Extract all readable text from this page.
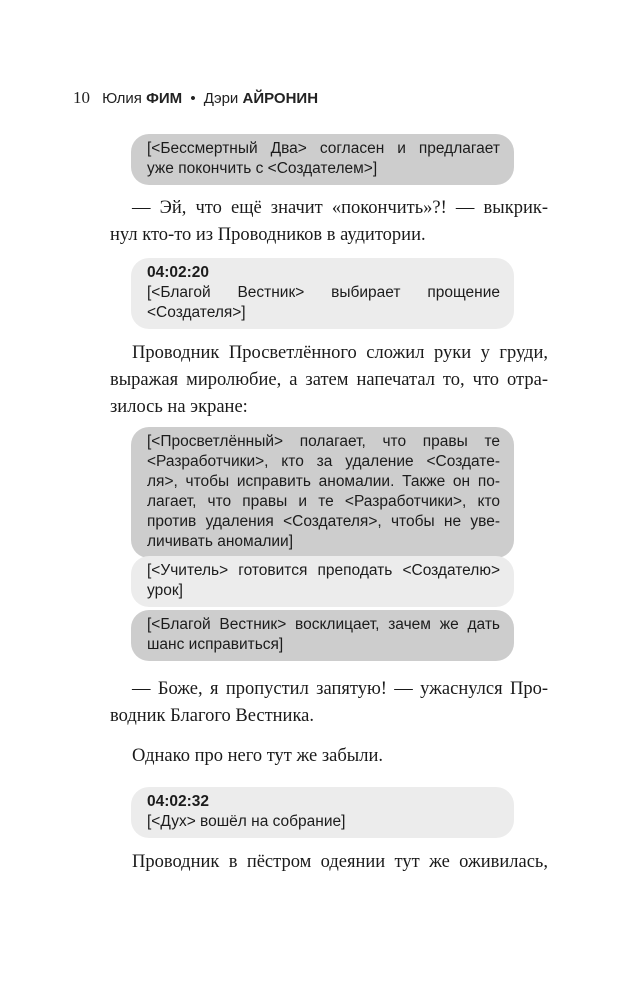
10 Юлия ФИМ • Дэри АЙРОНИН
[<Бессмертный Два> согласен и предлагает
уже покончить с <Создателем>]
— Эй, что ещё значит «покончить»?! — выкрик-
нул кто-то из Проводников в аудитории.
04:02:20
[<Благой Вестник> выбирает прощение
<Создателя>]
Проводник Просветлённого сложил руки у груди,
выражая миролюбие, а затем напечатал то, что отра-
зилось на экране:
[<Просветлённый> полагает, что правы те
<Разработчики>, кто за удаление <Создате-
ля>, чтобы исправить аномалии. Также он по-
лагает, что правы и те <Разработчики>, кто
против удаления <Создателя>, чтобы не уве-
личивать аномалии]
[<Учитель> готовится преподать <Создателю>
урок]
[<Благой Вестник> восклицает, зачем же дать
шанс исправиться]
— Боже, я пропустил запятую! — ужаснулся Про-
водник Благого Вестника.
Однако про него тут же забыли.
04:02:32
[<Дух> вошёл на собрание]
Проводник в пёстром одеянии тут же оживилась,
